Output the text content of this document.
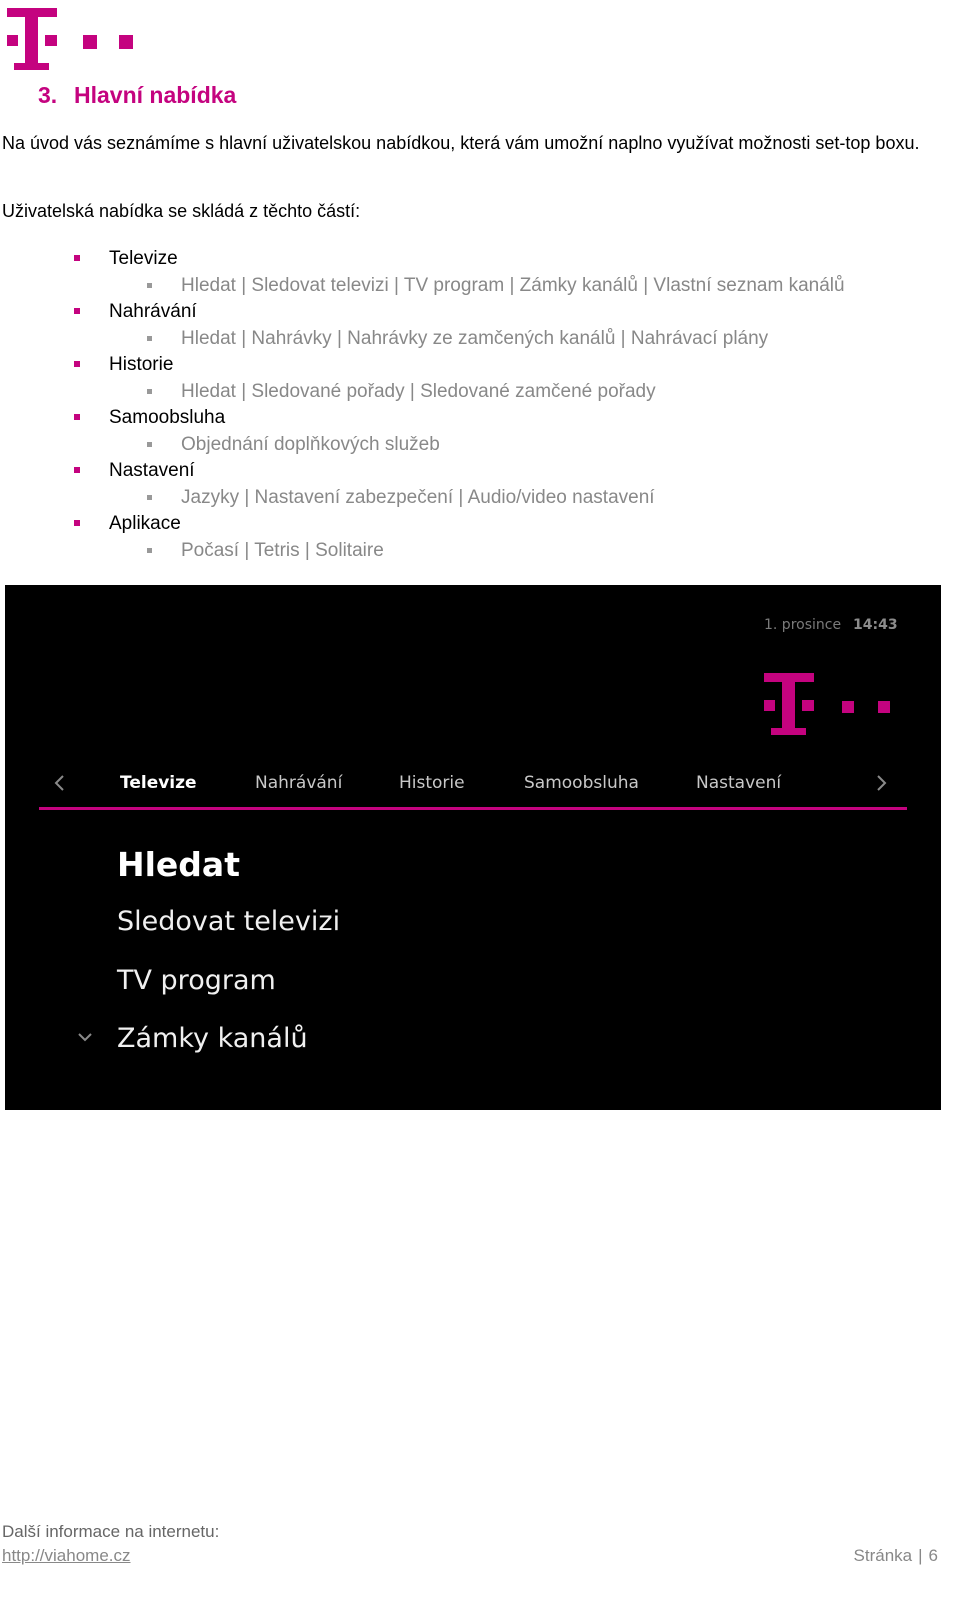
3. Hlavní nabídka

Na úvod vás seznámíme s hlavní uživatelskou nabídkou, která vám umožní naplno využívat možnosti set-top boxu.

Uživatelská nabídka se skládá z těchto částí:

Televize
Hledat | Sledovat televizi | TV program | Zámky kanálů | Vlastní seznam kanálů
Nahrávání
Hledat | Nahrávky | Nahrávky ze zamčených kanálů | Nahrávací plány
Historie
Hledat | Sledované pořady | Sledované zamčené pořady
Samoobsluha
Objednání doplňkových služeb
Nastavení
Jazyky | Nastavení zabezpečení | Audio/video nastavení
Aplikace
Počasí | Tetris | Solitaire
1. prosince 14:43
Televize	Nahrávání	Historie	Samoobsluha	Nastavení
Hledat
Sledovat televizi
TV program
Zámky kanálů
Další informace na internetu:
http://viahome.cz	Stránka | 6
